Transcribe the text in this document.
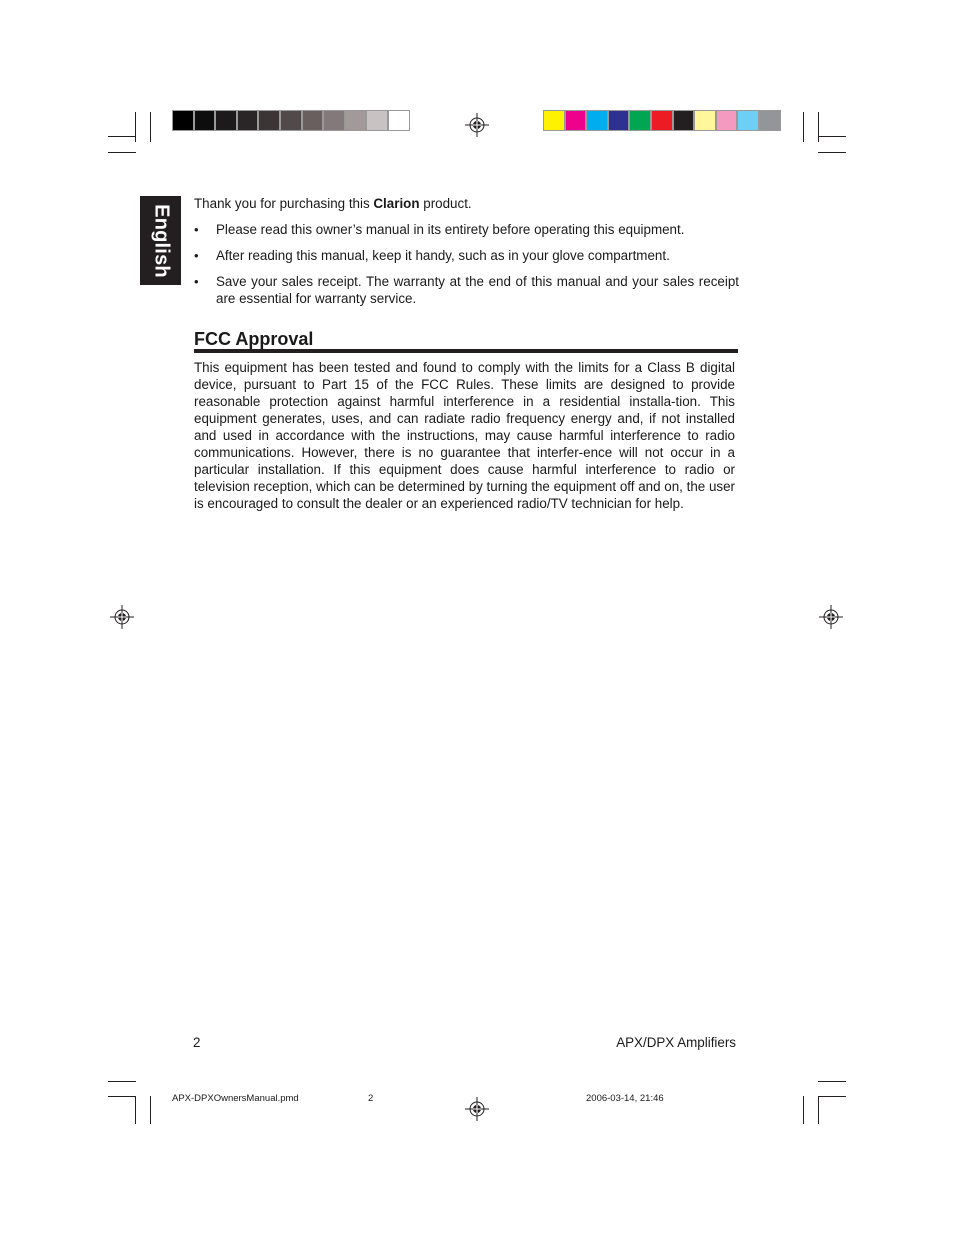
English
Thank you for purchasing this Clarion product.
• Please read this owner’s manual in its entirety before operating this equipment.
• After reading this manual, keep it handy, such as in your glove compartment.
• Save your sales receipt. The warranty at the end of this manual and your sales receipt are essential for warranty service.
FCC Approval
This equipment has been tested and found to comply with the limits for a Class B digital device, pursuant to Part 15 of the FCC Rules. These limits are designed to provide reasonable protection against harmful interference in a residential installa-tion. This equipment generates, uses, and can radiate radio frequency energy and, if not installed and used in accordance with the instructions, may cause harmful interference to radio communications. However, there is no guarantee that interfer-ence will not occur in a particular installation. If this equipment does cause harmful interference to radio or television reception, which can be determined by turning the equipment off and on, the user is encouraged to consult the dealer or an experienced radio/TV technician for help.
2	APX/DPX Amplifiers
APX-DPXOwnersManual.pmd	2	2006-03-14, 21:46
